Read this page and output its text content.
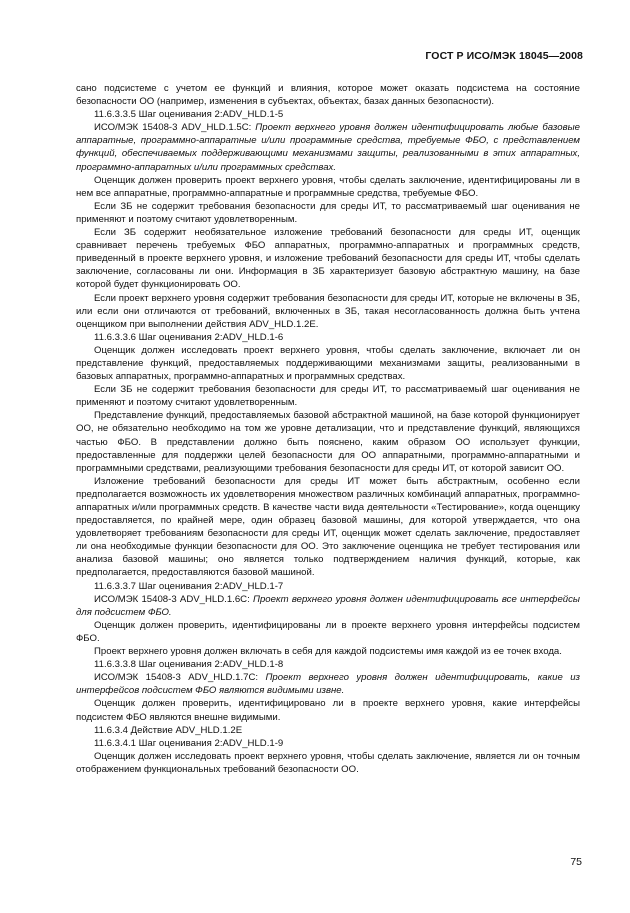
ГОСТ Р ИСО/МЭК 18045—2008

сано подсистеме с учетом ее функций и влияния, которое может оказать подсистема на состояние безопасности ОО (например, изменения в субъектах, объектах, базах данных безопасности).

11.6.3.3.5 Шаг оценивания 2:ADV_HLD.1-5

ИСО/МЭК 15408-3 ADV_HLD.1.5C: Проект верхнего уровня должен идентифицировать любые базовые аппаратные, программно-аппаратные и/или программные средства, требуемые ФБО, с представлением функций, обеспечиваемых поддерживающими механизмами защиты, реализованными в этих аппаратных, программно-аппаратных и/или программных средствах.

Оценщик должен проверить проект верхнего уровня, чтобы сделать заключение, идентифицированы ли в нем все аппаратные, программно-аппаратные и программные средства, требуемые ФБО.

Если ЗБ не содержит требования безопасности для среды ИТ, то рассматриваемый шаг оценивания не применяют и поэтому считают удовлетворенным.

Если ЗБ содержит необязательное изложение требований безопасности для среды ИТ, оценщик сравнивает перечень требуемых ФБО аппаратных, программно-аппаратных и программных средств, приведенный в проекте верхнего уровня, и изложение требований безопасности для среды ИТ, чтобы сделать заключение, согласованы ли они. Информация в ЗБ характеризует базовую абстрактную машину, на базе которой будет функционировать ОО.

Если проект верхнего уровня содержит требования безопасности для среды ИТ, которые не включены в ЗБ, или если они отличаются от требований, включенных в ЗБ, такая несогласованность должна быть учтена оценщиком при выполнении действия ADV_HLD.1.2E.

11.6.3.3.6 Шаг оценивания 2:ADV_HLD.1-6

Оценщик должен исследовать проект верхнего уровня, чтобы сделать заключение, включает ли он представление функций, предоставляемых поддерживающими механизмами защиты, реализованными в базовых аппаратных, программно-аппаратных и программных средствах.

Если ЗБ не содержит требования безопасности для среды ИТ, то рассматриваемый шаг оценивания не применяют и поэтому считают удовлетворенным.

Представление функций, предоставляемых базовой абстрактной машиной, на базе которой функционирует ОО, не обязательно необходимо на том же уровне детализации, что и представление функций, являющихся частью ФБО. В представлении должно быть пояснено, каким образом ОО использует функции, предоставленные для поддержки целей безопасности для ОО аппаратными, программно-аппаратными и программными средствами, реализующими требования безопасности для среды ИТ, от которой зависит ОО.

Изложение требований безопасности для среды ИТ может быть абстрактным, особенно если предполагается возможность их удовлетворения множеством различных комбинаций аппаратных, программно-аппаратных и/или программных средств. В качестве части вида деятельности «Тестирование», когда оценщику предоставляется, по крайней мере, один образец базовой машины, для которой утверждается, что она удовлетворяет требованиям безопасности для среды ИТ, оценщик может сделать заключение, предоставляет ли она необходимые функции безопасности для ОО. Это заключение оценщика не требует тестирования или анализа базовой машины; оно является только подтверждением наличия функций, которые, как предполагается, предоставляются базовой машиной.

11.6.3.3.7 Шаг оценивания 2:ADV_HLD.1-7

ИСО/МЭК 15408-3 ADV_HLD.1.6C: Проект верхнего уровня должен идентифицировать все интерфейсы для подсистем ФБО.

Оценщик должен проверить, идентифицированы ли в проекте верхнего уровня интерфейсы подсистем ФБО.

Проект верхнего уровня должен включать в себя для каждой подсистемы имя каждой из ее точек входа.

11.6.3.3.8 Шаг оценивания 2:ADV_HLD.1-8

ИСО/МЭК 15408-3 ADV_HLD.1.7C: Проект верхнего уровня должен идентифицировать, какие из интерфейсов подсистем ФБО являются видимыми извне.

Оценщик должен проверить, идентифицировано ли в проекте верхнего уровня, какие интерфейсы подсистем ФБО являются внешне видимыми.

11.6.3.4 Действие ADV_HLD.1.2E

11.6.3.4.1 Шаг оценивания 2:ADV_HLD.1-9

Оценщик должен исследовать проект верхнего уровня, чтобы сделать заключение, является ли он точным отображением функциональных требований безопасности ОО.

75
